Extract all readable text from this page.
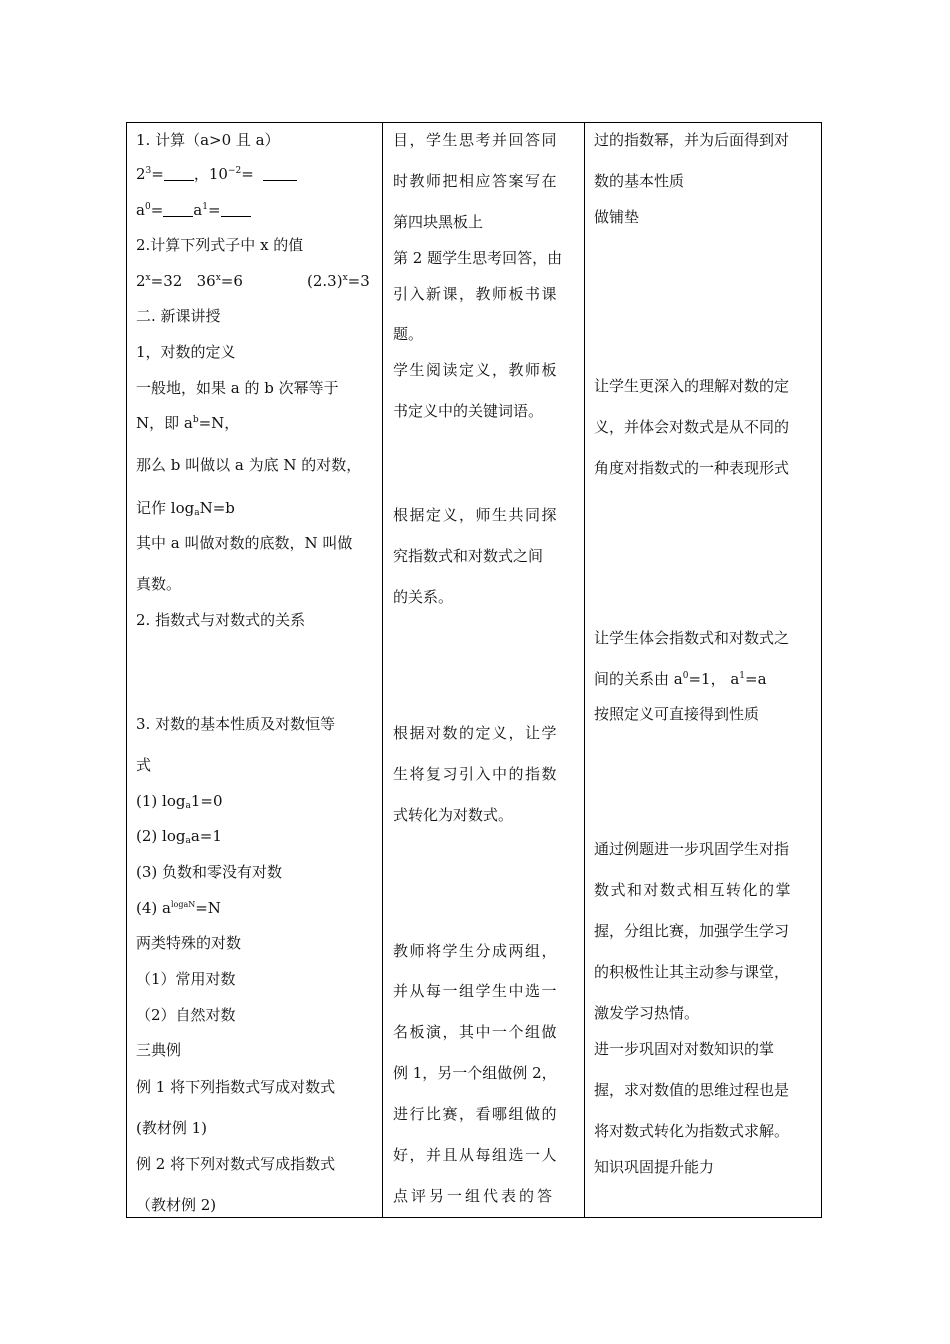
1. 计算（a>0 且 a）
$2^3=$ ，$10^{-2}=$
$a^0= a^1=$
2.计算下列式子中 x 的值
$2^x=32$ $36^x=6$	$(2.3)^x=3$
二. 新课讲授
1，对数的定义
一般地，如果 a 的 b 次幂等于
N，即 $a^b=N$，
那么 b 叫做以 a 为底 N 的对数，
记作 $\log_aN=b$
其中 a 叫做对数的底数，N 叫做
真数。
2. 指数式与对数式的关系
3. 对数的基本性质及对数恒等
式
(1) $\log_a1=0$
(2) $\log_aa=1$
(3) 负数和零没有对数
(4) $a^{logaN}=N$
两类特殊的对数
（1）常用对数
（2）自然对数
三典例
例 1 将下列指数式写成对数式
(教材例 1)
例 2 将下列对数式写成指数式
（教材例 2)
目，学生思考并回答同
时教师把相应答案写在
第四块黑板上
第 2 题学生思考回答，由
引入新课，教师板书课
题。
学生阅读定义，教师板
书定义中的关键词语。
根据定义，师生共同探
究指数式和对数式之间
的关系。
根据对数的定义，让学
生将复习引入中的指数
式转化为对数式。
教师将学生分成两组，
并从每一组学生中选一
名板演，其中一个组做
例 1，另一个组做例 2，
进行比赛，看哪组做的
好，并且从每组选一人
点评另一组代表的答
过的指数幂，并为后面得到对
数的基本性质
做铺垫
让学生更深入的理解对数的定
义，并体会对数式是从不同的
角度对指数式的一种表现形式
让学生体会指数式和对数式之
间的关系由 $a^0=1$， $a^1=a$
按照定义可直接得到性质
通过例题进一步巩固学生对指
数式和对数式相互转化的掌
握，分组比赛，加强学生学习
的积极性让其主动参与课堂，
激发学习热情。
进一步巩固对对数知识的掌
握，求对数值的思维过程也是
将对数式转化为指数式求解。
知识巩固提升能力
